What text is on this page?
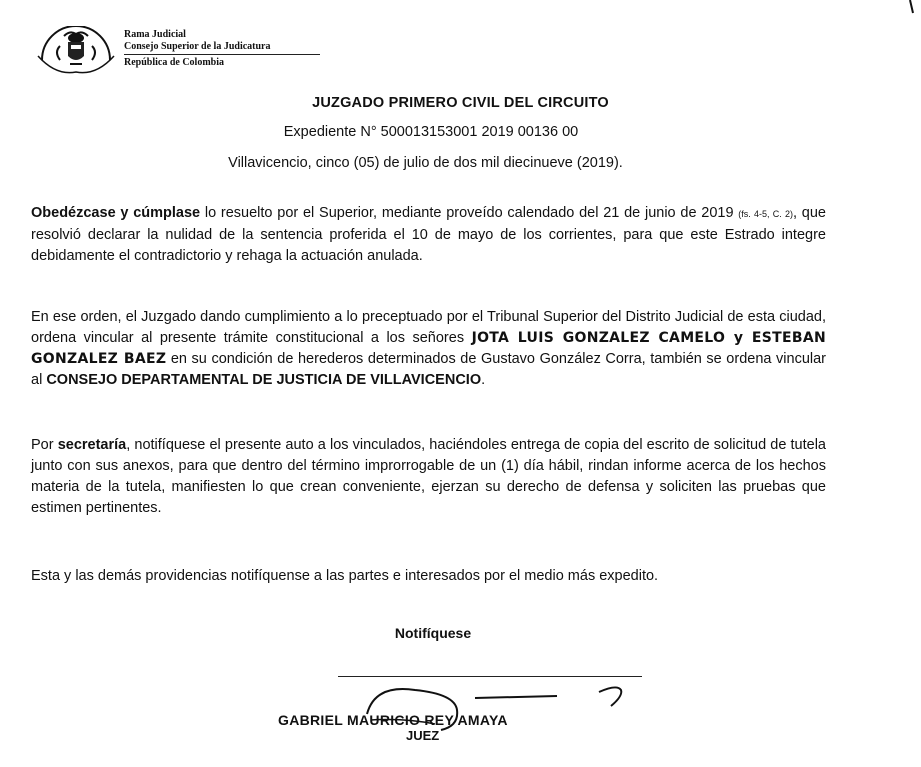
Rama Judicial
Consejo Superior de la Judicatura
República de Colombia
JUZGADO PRIMERO CIVIL DEL CIRCUITO
Expediente N° 500013153001 2019 00136 00
Villavicencio, cinco (05) de julio de dos mil diecinueve (2019).
Obedézcase y cúmplase lo resuelto por el Superior, mediante proveído calendado del 21 de junio de 2019 (fs. 4-5, C. 2), que resolvió declarar la nulidad de la sentencia proferida el 10 de mayo de los corrientes, para que este Estrado integre debidamente el contradictorio y rehaga la actuación anulada.
En ese orden, el Juzgado dando cumplimiento a lo preceptuado por el Tribunal Superior del Distrito Judicial de esta ciudad, ordena vincular al presente trámite constitucional a los señores JOTA LUIS GONZALEZ CAMELO y ESTEBAN GONZALEZ BAEZ en su condición de herederos determinados de Gustavo González Corra, también se ordena vincular al CONSEJO DEPARTAMENTAL DE JUSTICIA DE VILLAVICENCIO.
Por secretaría, notifíquese el presente auto a los vinculados, haciéndoles entrega de copia del escrito de solicitud de tutela junto con sus anexos, para que dentro del término improrrogable de un (1) día hábil, rindan informe acerca de los hechos materia de la tutela, manifiesten lo que crean conveniente, ejerzan su derecho de defensa y soliciten las pruebas que estimen pertinentes.
Esta y las demás providencias notifíquense a las partes e interesados por el medio más expedito.
Notifíquese
GABRIEL MAURICIO REY AMAYA
JUEZ
